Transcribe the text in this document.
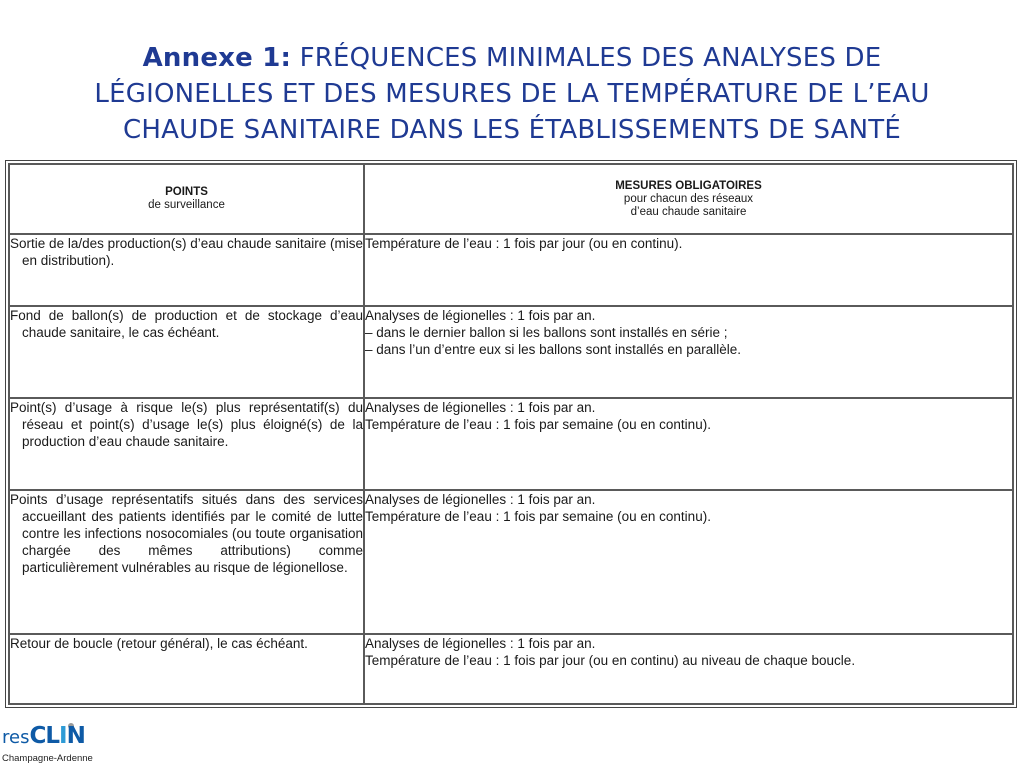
Annexe 1: FRÉQUENCES MINIMALES DES ANALYSES DE
LÉGIONELLES ET DES MESURES DE LA TEMPÉRATURE DE L’EAU
CHAUDE SANITAIRE DANS LES ÉTABLISSEMENTS DE SANTÉ
POINTS
de surveillance	MESURES OBLIGATOIRES
pour chacun des réseaux
d’eau chaude sanitaire

Sortie de la/des production(s) d’eau chaude sanitaire (mise en distribution).	Température de l’eau : 1 fois par jour (ou en continu).

Fond de ballon(s) de production et de stockage d’eau chaude sanitaire, le cas échéant.	Analyses de légionelles : 1 fois par an.
– dans le dernier ballon si les ballons sont installés en série ;
– dans l’un d’entre eux si les ballons sont installés en parallèle.

Point(s) d’usage à risque le(s) plus représentatif(s) du réseau et point(s) d’usage le(s) plus éloigné(s) de la production d’eau chaude sanitaire.	Analyses de légionelles : 1 fois par an.
Température de l’eau : 1 fois par semaine (ou en continu).

Points d’usage représentatifs situés dans des services accueillant des patients identifiés par le comité de lutte contre les infections nosocomiales (ou toute organisation chargée des mêmes attributions) comme particulièrement vulnérables au risque de légionellose.	Analyses de légionelles : 1 fois par an.
Température de l’eau : 1 fois par semaine (ou en continu).

Retour de boucle (retour général), le cas échéant.	Analyses de légionelles : 1 fois par an.
Température de l’eau : 1 fois par jour (ou en continu) au niveau de chaque boucle.
resCLIN
Champagne-Ardenne
